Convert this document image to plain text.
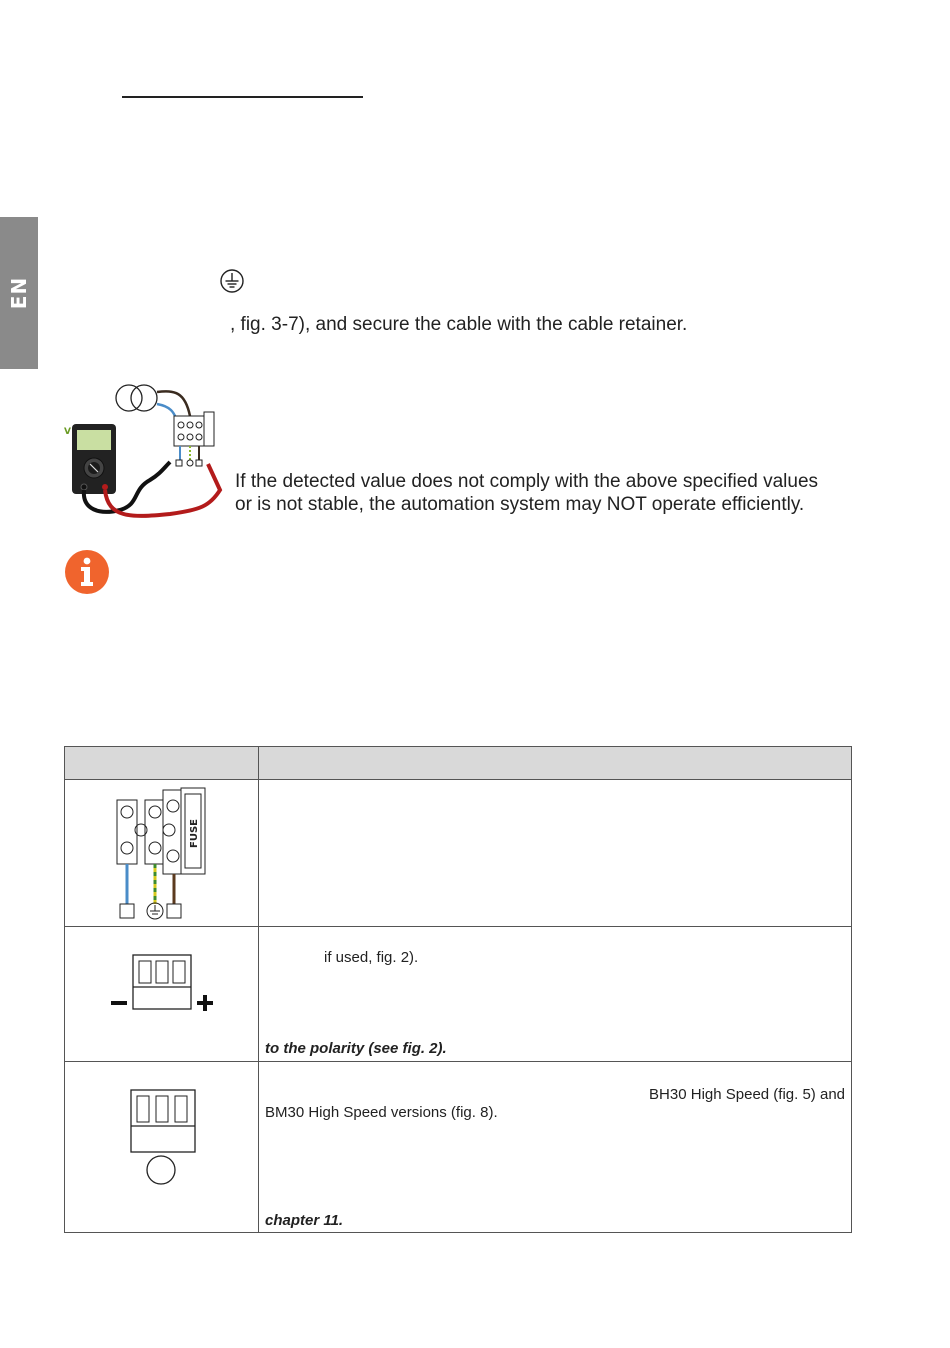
EN
, fig. 3-7), and secure the cable with the cable retainer.
V
If the detected value does not comply with the above specified values
or is not stable, the automation system may NOT operate efficiently.

FUSE	

if used, fig. 2).
to the polarity (see fig. 2).

BH30 High Speed (fig. 5) and
BM30 High Speed versions (fig. 8).
chapter 11.
